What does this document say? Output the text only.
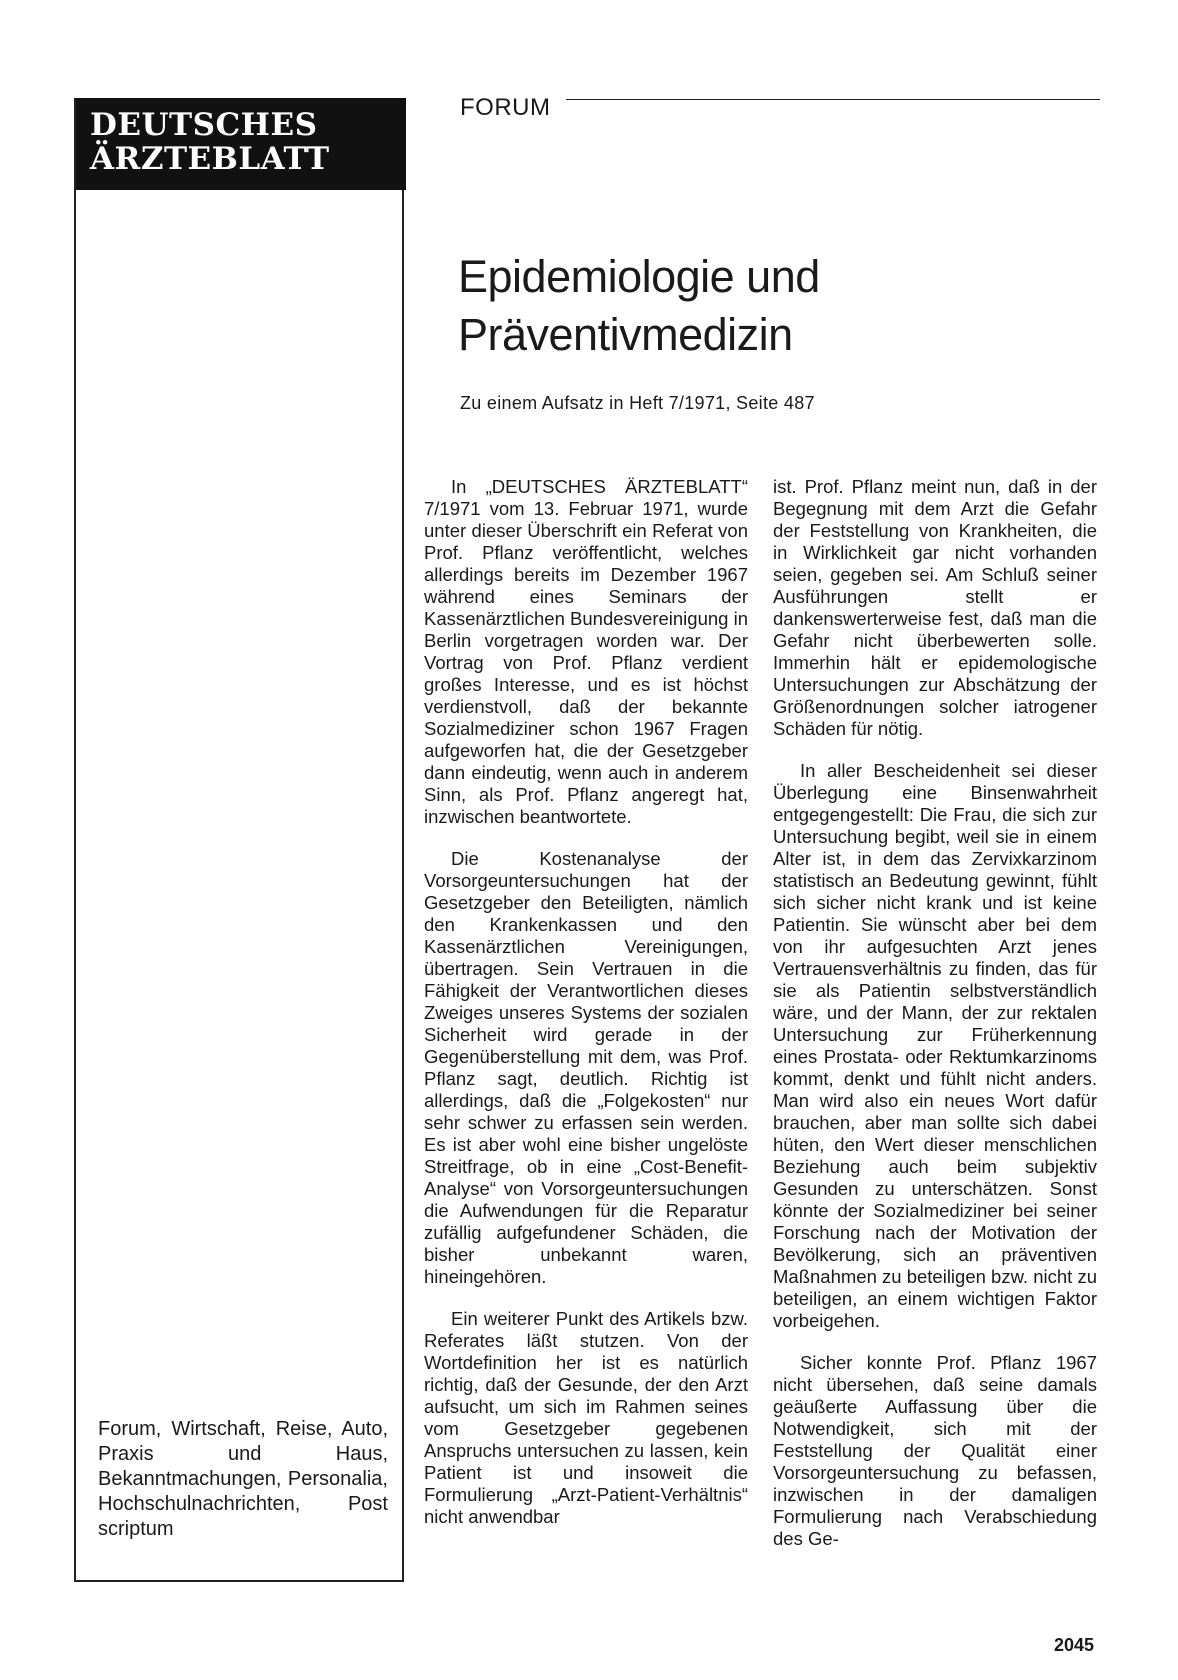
DEUTSCHES
ÄRZTEBLATT
Forum, Wirtschaft, Reise, Auto, Praxis und Haus, Bekanntmachungen, Personalia, Hochschulnachrichten, Post scriptum
FORUM
Epidemiologie und
Präventivmedizin
Zu einem Aufsatz in Heft 7/1971, Seite 487

In „DEUTSCHES ÄRZTEBLATT“ 7/1971 vom 13. Februar 1971, wurde unter dieser Überschrift ein Referat von Prof. Pflanz veröffentlicht, welches allerdings bereits im Dezember 1967 während eines Seminars der Kassenärztlichen Bundesvereinigung in Berlin vorgetragen worden war. Der Vortrag von Prof. Pflanz verdient großes Interesse, und es ist höchst verdienstvoll, daß der bekannte Sozialmediziner schon 1967 Fragen aufgeworfen hat, die der Gesetzgeber dann eindeutig, wenn auch in anderem Sinn, als Prof. Pflanz angeregt hat, inzwischen beantwortete.

Die Kostenanalyse der Vorsorgeuntersuchungen hat der Gesetzgeber den Beteiligten, nämlich den Krankenkassen und den Kassenärztlichen Vereinigungen, übertragen. Sein Vertrauen in die Fähigkeit der Verantwortlichen dieses Zweiges unseres Systems der sozialen Sicherheit wird gerade in der Gegenüberstellung mit dem, was Prof. Pflanz sagt, deutlich. Richtig ist allerdings, daß die „Folgekosten“ nur sehr schwer zu erfassen sein werden. Es ist aber wohl eine bisher ungelöste Streitfrage, ob in eine „Cost-Benefit-Analyse“ von Vorsorgeuntersuchungen die Aufwendungen für die Reparatur zufällig aufgefundener Schäden, die bisher unbekannt waren, hineingehören.

Ein weiterer Punkt des Artikels bzw. Referates läßt stutzen. Von der Wortdefinition her ist es natürlich richtig, daß der Gesunde, der den Arzt aufsucht, um sich im Rahmen seines vom Gesetzgeber gegebenen Anspruchs untersuchen zu lassen, kein Patient ist und insoweit die Formulierung „Arzt-Patient-Verhältnis“ nicht anwendbar

ist. Prof. Pflanz meint nun, daß in der Begegnung mit dem Arzt die Gefahr der Feststellung von Krankheiten, die in Wirklichkeit gar nicht vorhanden seien, gegeben sei. Am Schluß seiner Ausführungen stellt er dankenswerterweise fest, daß man die Gefahr nicht überbewerten solle. Immerhin hält er epidemologische Untersuchungen zur Abschätzung der Größenordnungen solcher iatrogener Schäden für nötig.

In aller Bescheidenheit sei dieser Überlegung eine Binsenwahrheit entgegengestellt: Die Frau, die sich zur Untersuchung begibt, weil sie in einem Alter ist, in dem das Zervixkarzinom statistisch an Bedeutung gewinnt, fühlt sich sicher nicht krank und ist keine Patientin. Sie wünscht aber bei dem von ihr aufgesuchten Arzt jenes Vertrauensverhältnis zu finden, das für sie als Patientin selbstverständlich wäre, und der Mann, der zur rektalen Untersuchung zur Früherkennung eines Prostata- oder Rektumkarzinoms kommt, denkt und fühlt nicht anders. Man wird also ein neues Wort dafür brauchen, aber man sollte sich dabei hüten, den Wert dieser menschlichen Beziehung auch beim subjektiv Gesunden zu unterschätzen. Sonst könnte der Sozialmediziner bei seiner Forschung nach der Motivation der Bevölkerung, sich an präventiven Maßnahmen zu beteiligen bzw. nicht zu beteiligen, an einem wichtigen Faktor vorbeigehen.

Sicher konnte Prof. Pflanz 1967 nicht übersehen, daß seine damals geäußerte Auffassung über die Notwendigkeit, sich mit der Feststellung der Qualität einer Vorsorgeuntersuchung zu befassen, inzwischen in der damaligen Formulierung nach Verabschiedung des Ge-

2045
